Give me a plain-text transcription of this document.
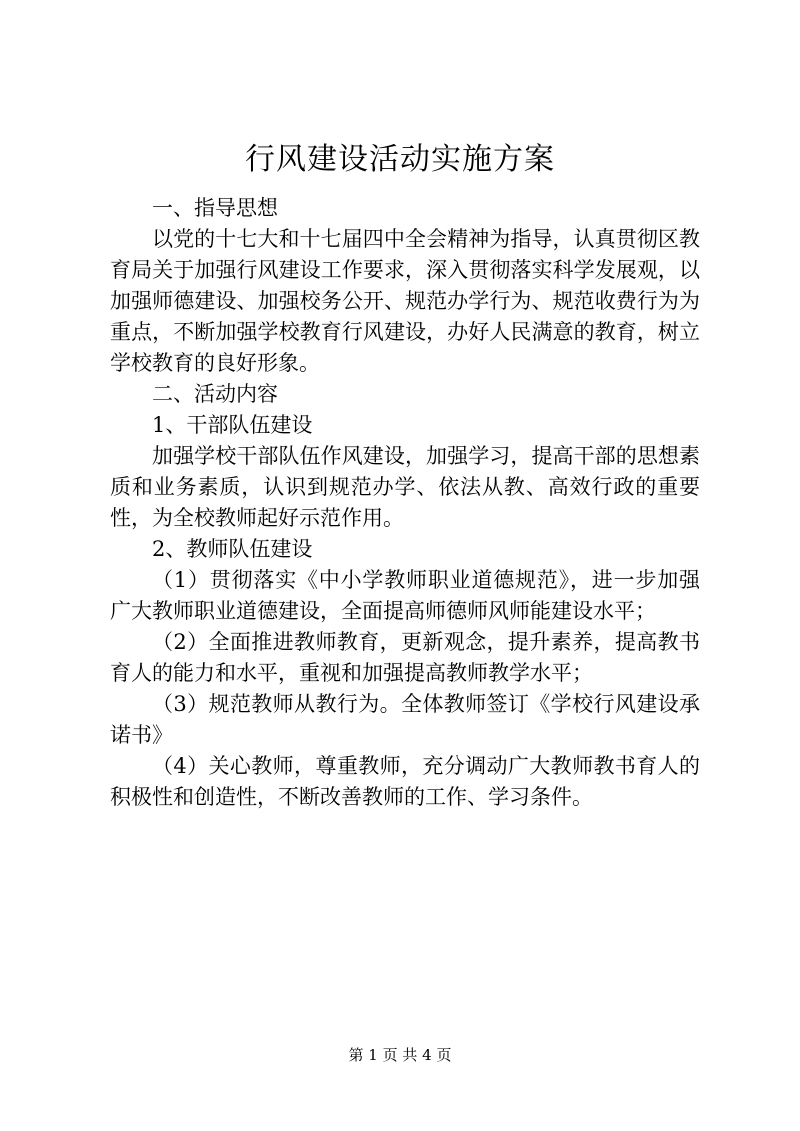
行风建设活动实施方案

一、指导思想

以党的十七大和十七届四中全会精神为指导，认真贯彻区教育局关于加强行风建设工作要求，深入贯彻落实科学发展观，以加强师德建设、加强校务公开、规范办学行为、规范收费行为为重点，不断加强学校教育行风建设，办好人民满意的教育，树立学校教育的良好形象。

二、活动内容

1、干部队伍建设

加强学校干部队伍作风建设，加强学习，提高干部的思想素质和业务素质，认识到规范办学、依法从教、高效行政的重要性，为全校教师起好示范作用。

2、教师队伍建设

（1）贯彻落实《中小学教师职业道德规范》，进一步加强广大教师职业道德建设，全面提高师德师风师能建设水平；

（2）全面推进教师教育，更新观念，提升素养，提高教书育人的能力和水平，重视和加强提高教师教学水平；

（3）规范教师从教行为。全体教师签订《学校行风建设承诺书》

（4）关心教师，尊重教师，充分调动广大教师教书育人的积极性和创造性，不断改善教师的工作、学习条件。

第 1 页 共 4 页
